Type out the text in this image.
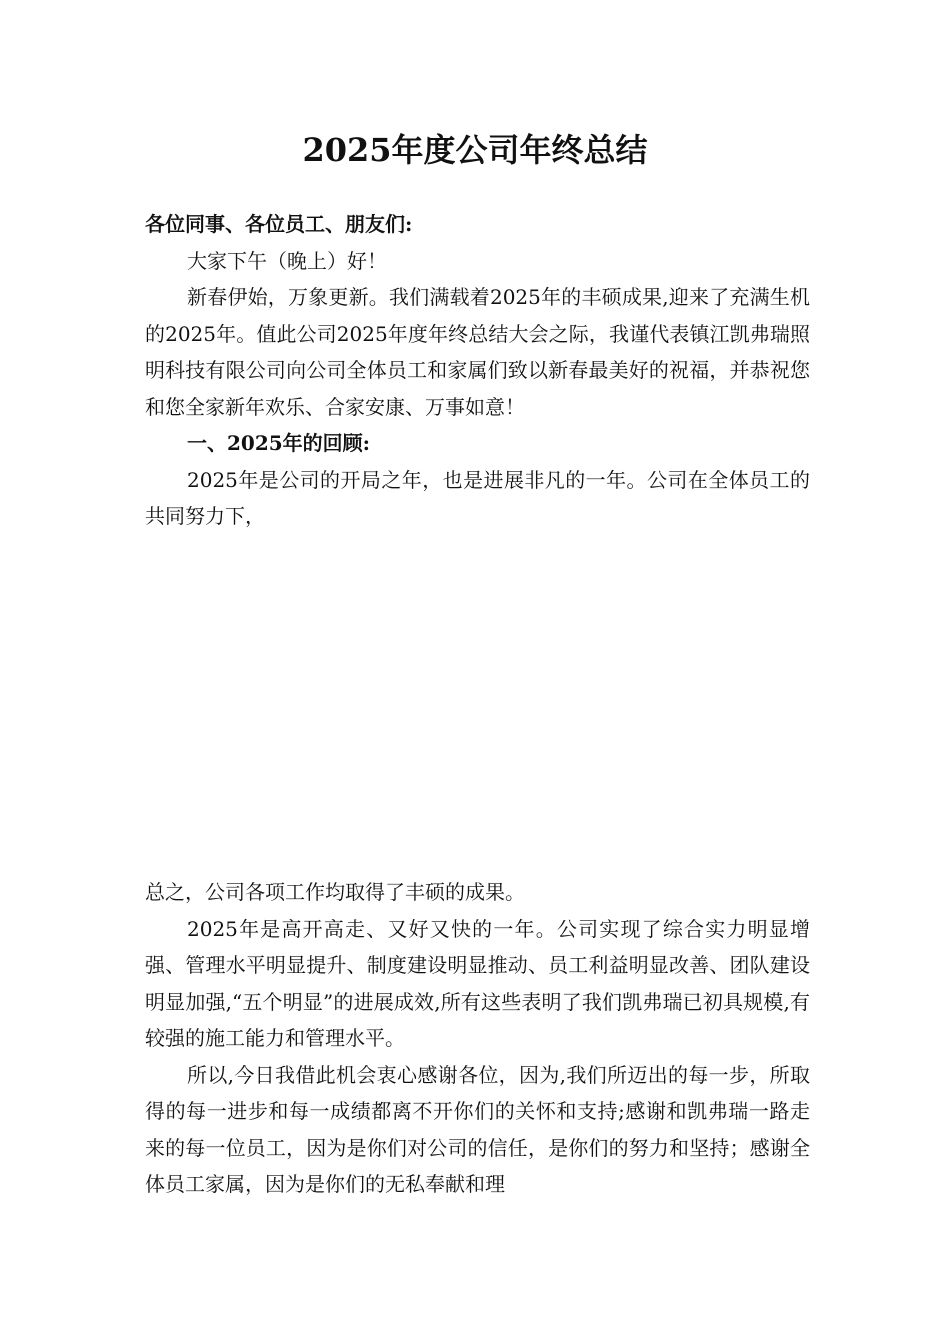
2025年度公司年终总结

各位同事、各位员工、朋友们:

大家下午（晚上）好！

新春伊始，万象更新。我们满载着2025年的丰硕成果,迎来了充满生机的2025年。值此公司2025年度年终总结大会之际，我谨代表镇江凯弗瑞照明科技有限公司向公司全体员工和家属们致以新春最美好的祝福，并恭祝您和您全家新年欢乐、合家安康、万事如意！

一、2025年的回顾:

2025年是公司的开局之年，也是进展非凡的一年。公司在全体员工的共同努力下，

总之，公司各项工作均取得了丰硕的成果。

2025年是高开高走、又好又快的一年。公司实现了综合实力明显增强、管理水平明显提升、制度建设明显推动、员工利益明显改善、团队建设明显加强,“五个明显”的进展成效,所有这些表明了我们凯弗瑞已初具规模,有较强的施工能力和管理水平。

所以,今日我借此机会衷心感谢各位，因为,我们所迈出的每一步，所取得的每一进步和每一成绩都离不开你们的关怀和支持;感谢和凯弗瑞一路走来的每一位员工，因为是你们对公司的信任，是你们的努力和坚持；感谢全体员工家属，因为是你们的无私奉献和理
